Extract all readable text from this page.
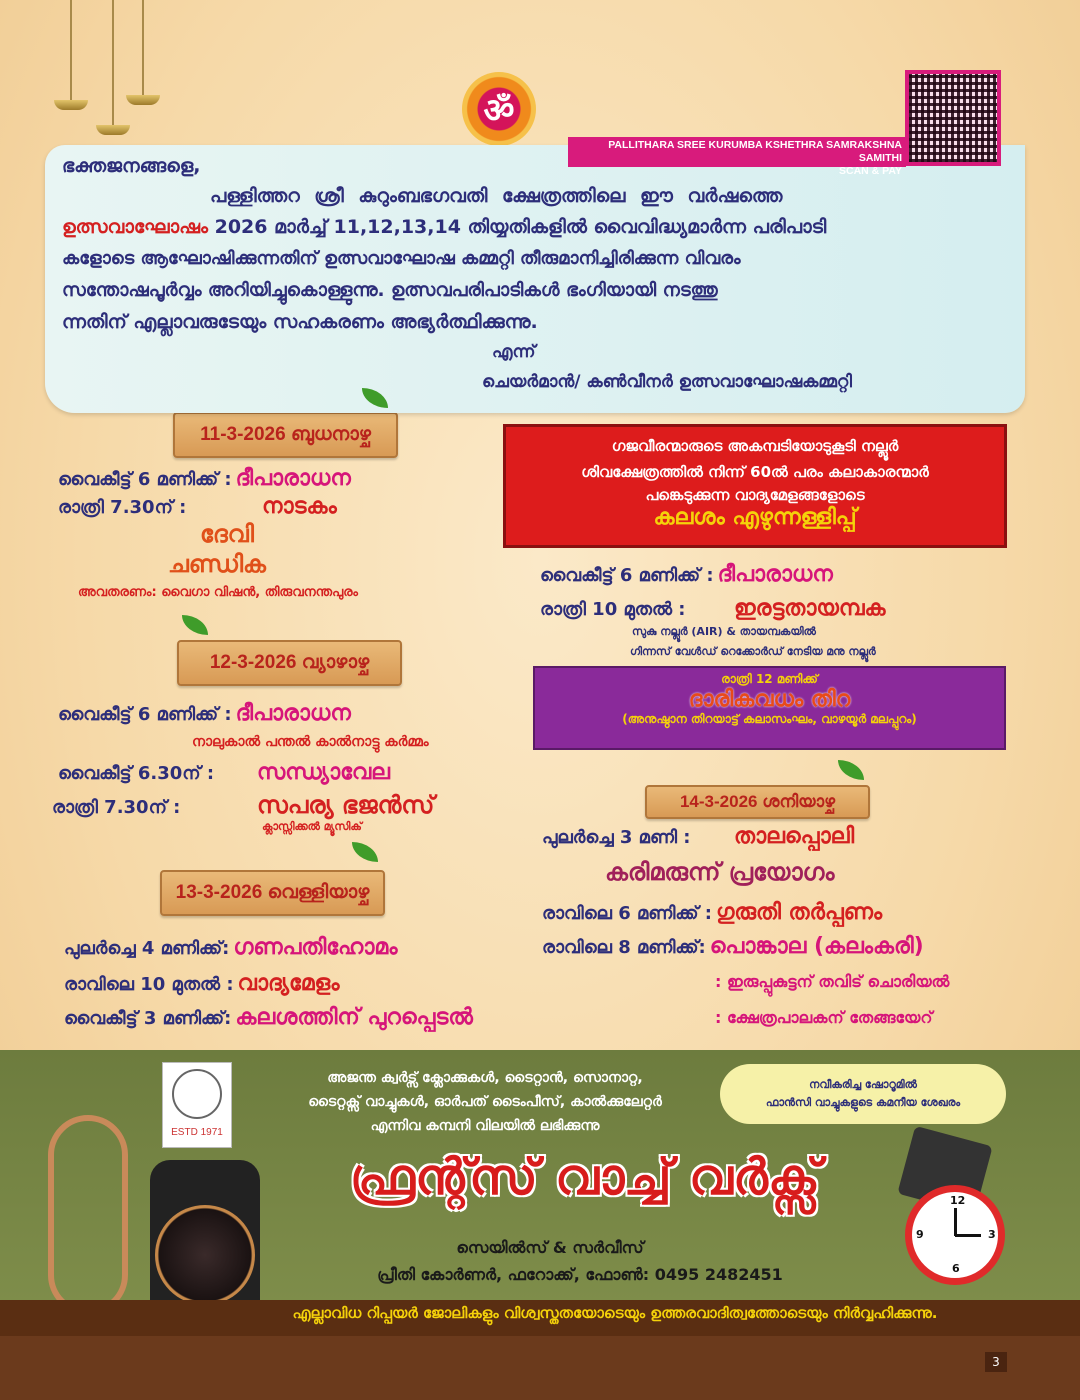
ॐ
PALLITHARA SREE KURUMBA KSHETHRA SAMRAKSHNA SAMITHI
SCAN & PAY
ഭക്തജനങ്ങളെ,
പള്ളിത്തറ ശ്രീ കുറുംബഭഗവതി ക്ഷേത്രത്തിലെ ഈ വർഷത്തെ
ഉത്സവാഘോഷം 2026 മാർച്ച് 11,12,13,14 തിയ്യതികളിൽ വൈവിദ്ധ്യമാർന്ന പരിപാടി
കളോടെ ആഘോഷിക്കുന്നതിന് ഉത്സവാഘോഷ കമ്മറ്റി തീരുമാനിച്ചിരിക്കുന്ന വിവരം
സന്തോഷപൂർവ്വം അറിയിച്ചുകൊള്ളുന്നു. ഉത്സവപരിപാടികൾ ഭംഗിയായി നടത്തു
ന്നതിന് എല്ലാവരുടേയും സഹകരണം അഭ്യർത്ഥിക്കുന്നു.
എന്ന്
ചെയർമാൻ/ കൺവീനർ ഉത്സവാഘോഷകമ്മറ്റി
11-3-2026 ബുധനാഴ്ച
വൈകീട്ട് 6 മണിക്ക് : ദീപാരാധന
രാത്രി 7.30ന് :	നാടകം
ദേവി
ചണ്ഡിക
അവതരണം: വൈഗാ വിഷൻ, തിരുവനന്തപുരം
12-3-2026 വ്യാഴാഴ്ച
വൈകീട്ട് 6 മണിക്ക് : ദീപാരാധന
നാലുകാൽ പന്തൽ കാൽനാട്ടു കർമ്മം
വൈകീട്ട് 6.30ന് : സന്ധ്യാവേല
രാത്രി 7.30ന് :	സപര്യ ഭജൻസ്
ക്ലാസ്സിക്കൽ മ്യൂസിക്
13-3-2026 വെള്ളിയാഴ്ച
പുലർച്ചെ 4 മണിക്ക്: ഗണപതിഹോമം
രാവിലെ 10 മുതൽ : വാദ്യമേളം
വൈകീട്ട് 3 മണിക്ക്: കലശത്തിന് പുറപ്പെടൽ
ഗജവീരന്മാരുടെ അകമ്പടിയോടുകൂടി നല്ലൂർ
ശിവക്ഷേത്രത്തിൽ നിന്ന് 60ൽ പരം കലാകാരന്മാർ
പങ്കെടുക്കുന്ന വാദ്യമേളങ്ങളോടെ
കലശം എഴുന്നള്ളിപ്പ്
വൈകീട്ട് 6 മണിക്ക് : ദീപാരാധന
രാത്രി 10 മുതൽ : ഇരട്ടതായമ്പക
സുകു നല്ലൂർ (AIR) & തായമ്പകയിൽ
ഗിന്നസ് വേൾഡ് റെക്കോർഡ് നേടിയ മനു നല്ലൂർ
രാത്രി 12 മണിക്ക്
ദാരികവധം തിറ
(അനുഷ്ഠാന തിറയാട്ട് കലാസംഘം, വാഴയൂർ മലപ്പുറം)
14-3-2026 ശനിയാഴ്ച
പുലർച്ചെ 3 മണി : താലപ്പൊലി
കരിമരുന്ന് പ്രയോഗം
രാവിലെ 6 മണിക്ക് : ഗുരുതി തർപ്പണം
രാവിലെ 8 മണിക്ക്: പൊങ്കാല (കലംകരി)
: ഇരുപ്പുകുട്ടന് തവിട് ചൊരിയൽ
: ക്ഷേത്രപാലകന് തേങ്ങയേറ്
ESTD 1971
അജന്ത ക്വർട്സ് ക്ലോക്കുകൾ, ടൈറ്റാൻ, സൊനാറ്റ,
ടൈറ്റക്സ് വാച്ചുകൾ, ഓർപത് ടൈംപീസ്, കാൽക്കുലേറ്റർ
എന്നിവ കമ്പനി വിലയിൽ ലഭിക്കുന്നു
നവീകരിച്ച ഷോറൂമിൽ
ഫാൻസി വാച്ചുകളുടെ കമനീയ ശേഖരം
ഫ്രന്റ്സ് വാച്ച് വർക്സ്
സെയിൽസ് & സർവീസ്
പ്രീതി കോർണർ, ഫറോക്ക്, ഫോൺ: 0495 2482451
12
3
6
9
എല്ലാവിധ റിപ്പയർ ജോലികളും വിശ്വസ്തതയോടെയും ഉത്തരവാദിത്വത്തോടെയും നിർവ്വഹിക്കുന്നു.
3
